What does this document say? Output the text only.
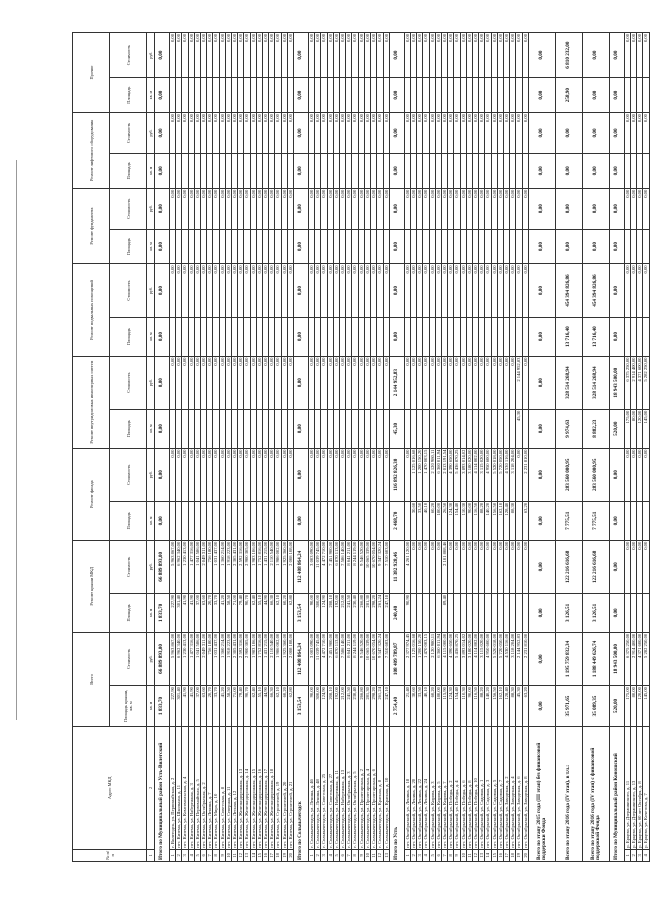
№ п/п	Адрес МКД	Всего		Ремонт крыши МКД		Ремонт фасада		Ремонт внутридомовых инженерных систем		Ремонт подвальных помещений		Ремонт фундамента		Ремонт лифтового оборудования		Прочие	
		Площадь крыши, кв. м	Стоимость	Площадь	Стоимость	Площадь	Стоимость	Площадь	Стоимость	Площадь	Стоимость	Площадь	Стоимость	Площадь	Стоимость	Площадь	Стоимость
1	2	кв. м	руб.	кв. м	руб.	кв. м	руб.	кв. м	руб.	кв. м	руб.	кв. м	руб.	кв. м	руб.	кв. м	руб.
Итого по Муниципальный район Усть-Вилегский		1 833,70	66 889 893,00	1 833,70	66 889 893,00	0,00	0,00	0,00	0,00	0,00	0,00	0,00	0,00	0,00	0,00	0,00	0,00
1	г. Вилегодск, ул. Первомайская, д. 2	227,90	5 963 867,00	227,90	5 963 867,00		0,00		0,00		0,00		0,00		0,00		0,00
2	пгт. Кизема, ул. Школьная, д. 11	301,40	6 962 340,00	301,40	6 962 340,00		0,00		0,00		0,00		0,00		0,00		0,00
3	пгт. Кизема, ул. Комсомольская, д. 4	41,90	1 230 413,00	41,90	1 230 413,00		0,00		0,00		0,00		0,00		0,00		0,00
4	пгт. Кизема, ул. Набережная, д. 3	41,90	1 477 316,00	41,90	1 477 316,00		0,00		0,00		0,00		0,00		0,00		0,00
5	пгт. Кизема, ул. Первомайская, д. 5	37,00	1 041 586,00	37,00	1 041 586,00		0,00		0,00		0,00		0,00		0,00		0,00
6	пгт. Кизема, ул. Октябрьская, д. 2	63,60	2 049 311,00	63,60	2 049 311,00		0,00		0,00		0,00		0,00		0,00		0,00
7	пгт. Кизема, ул. Ленина, д. 7	20,70	756 180,00	20,70	756 180,00		0,00		0,00		0,00		0,00		0,00		0,00
8	пгт. Кизема, ул. Мира, д. 10	33,70	1 031 437,00	33,70	1 031 437,00		0,00		0,00		0,00		0,00		0,00		0,00
9	пгт. Кизема, ул. Советская, д. 8	41,20	1 360 214,00	41,20	1 360 214,00		0,00		0,00		0,00		0,00		0,00		0,00
10	пгт. Кизема, ул. Северная, д. 11	58,50	1 918 223,00	58,50	1 918 223,00		0,00		0,00		0,00		0,00		0,00		0,00
11	пгт. Кизема, ул. Лесная, д. 12	71,00	2 305 431,00	71,00	2 305 431,00		0,00		0,00		0,00		0,00		0,00		0,00
12	пгт. Кизема, ул. Железнодорожная, д. 13	79,40	2 592 316,00	79,40	2 592 316,00		0,00		0,00		0,00		0,00		0,00		0,00
13	пгт. Кизема, ул. Железнодорожная, д. 14	90,70	2 900 305,00	90,70	2 900 305,00		0,00		0,00		0,00		0,00		0,00		0,00
14	пгт. Кизема, ул. Железнодорожная, д. 15	62,40	1 983 106,00	62,40	1 983 106,00		0,00		0,00		0,00		0,00		0,00		0,00
15	пгт. Кизема, ул. Железнодорожная, д. 16	55,10	1 752 816,00	55,10	1 752 816,00		0,00		0,00		0,00		0,00		0,00		0,00
16	пгт. Кизема, ул. Железнодорожная, д. 17	44,90	1 431 215,00	44,90	1 431 215,00		0,00		0,00		0,00		0,00		0,00		0,00
17	пгт. Кизема, ул. Железнодорожная, д. 18	66,30	2 110 540,00	66,30	2 110 540,00		0,00		0,00		0,00		0,00		0,00		0,00
18	пгт. Кизема, ул. Строителей, д. 19	62,10	1 986 002,00	62,10	1 986 002,00		0,00		0,00		0,00		0,00		0,00		0,00
19	пгт. Кизема, ул. Строителей, д. 20	60,20	1 925 360,00	60,20	1 925 360,00		0,00		0,00		0,00		0,00		0,00		0,00
20	пгт. Кизема, ул. Строителей, д. 21	62,80	2 008 108,00	62,80	2 008 108,00		0,00		0,00		0,00		0,00		0,00		0,00
Итого по Сольвычегодск		3 153,54	112 408 864,24	3 153,54	112 408 864,24	0,00	0,00	0,00	0,00	0,00	0,00	0,00	0,00	0,00	0,00	0,00	0,00
1	г. Сольвычегодск, ул. Ленина, д. 46	90,00	3 003 090,00	90,00	3 003 090,00		0,00		0,00		0,00		0,00		0,00		0,00
2	г. Сольвычегодск, ул. Ленина, д. 48	300,00	11 039 745,00	300,00	11 039 745,00		0,00		0,00		0,00		0,00		0,00		0,00
3	г. Сольвычегодск, ул. Советская, д. 25	124,90	4 472 710,00	124,90	4 472 710,00		0,00		0,00		0,00		0,00		0,00		0,00
4	г. Сольвычегодск, ул. Советская, д. 27	208,10	7 451 900,00	208,10	7 451 900,00		0,00		0,00		0,00		0,00		0,00		0,00
5	г. Сольвычегодск, ул. Набережная, д. 11	192,00	6 870 113,00	192,00	6 870 113,00		0,00		0,00		0,00		0,00		0,00		0,00
6	г. Сольвычегодск, ул. Набережная, д. 13	212,00	7 586 140,00	212,00	7 586 140,00		0,00		0,00		0,00		0,00		0,00		0,00
7	г. Сольвычегодск, ул. Октябрьская, д. 3	241,50	8 641 211,00	241,50	8 641 211,00		0,00		0,00		0,00		0,00		0,00		0,00
8	г. Сольвычегодск, ул. Октябрьская, д. 5	230,40	8 244 119,00	230,40	8 244 119,00		0,00		0,00		0,00		0,00		0,00		0,00
9	г. Сольвычегодск, ул. Пролетарская, д. 2	266,80	9 546 520,00	266,80	9 546 520,00		0,00		0,00		0,00		0,00		0,00		0,00
10	г. Сольвычегодск, ул. Пролетарская, д. 4	281,30	10 065 339,00	281,30	10 065 339,00		0,00		0,00		0,00		0,00		0,00		0,00
11	г. Сольвычегодск, ул. Пролетарская, д. 6	298,20	10 670 054,00	298,20	10 670 054,00		0,00		0,00		0,00		0,00		0,00		0,00
12	г. Сольвычегодск, ул. Красная, д. 8	261,24	9 347 320,24	261,24	9 347 320,24		0,00		0,00		0,00		0,00		0,00		0,00
13	г. Сольвычегодск, ул. Красная, д. 10	247,10	7 510 603,00	247,10	7 510 603,00		0,00		0,00		0,00		0,00		0,00		0,00
Итого по Усть		2 754,40	108 409 789,87	240,40	11 382 928,46	2 468,70	116 892 826,30	45,30	2 144 952,83	0,00	0,00	0,00	0,00	0,00	0,00	0,00	0,00
1	пгт. Октябрьский, ул. Ленина, д. 18	21,40	2 377 974,45	90,90	4 261 120,00		0,00		0,00		0,00		0,00		0,00		0,00
2	пгт. Октябрьский, ул. Ленина, д. 20	30,60	1 125 016,68		0,00	30,60	1 125 016,68		0,00		0,00		0,00		0,00		0,00
3	пгт. Октябрьский, ул. Ленина, д. 22	33,50	1 200 150,20		0,00	33,50	1 200 150,20		0,00		0,00		0,00		0,00		0,00
4	пгт. Октябрьский, ул. Ленина, д. 24	40,10	1 470 003,15		0,00	40,10	1 470 003,15		0,00		0,00		0,00		0,00		0,00
5	пгт. Октябрьский, ул. Кирова, д. 3	60,20	2 120 980,11		0,00	60,20	2 120 980,11		0,00		0,00		0,00		0,00		0,00
6	пгт. Октябрьский, ул. Кирова, д. 5	180,00	6 360 011,94		0,00	180,00	6 360 011,94		0,00		0,00		0,00		0,00		0,00
7	пгт. Октябрьский, ул. Кирова, д. 7	115,90	4 115 000,00	89,40	2 101 808,46	26,50	2 013 191,54		0,00		0,00		0,00		0,00		0,00
8	пгт. Октябрьский, ул. Победы, д. 2	124,30	4 390 650,00		0,00	124,30	4 390 650,00		0,00		0,00		0,00		0,00		0,00
9	пгт. Октябрьский, ул. Победы, д. 4	154,40	5 436 870,25		0,00	154,40	5 436 870,25		0,00		0,00		0,00		0,00		0,00
10	пгт. Октябрьский, ул. Победы, д. 6	110,30	3 893 014,02		0,00	110,30	3 893 014,02		0,00		0,00		0,00		0,00		0,00
11	пгт. Октябрьский, ул. Победы, д. 8	90,00	3 180 020,00		0,00	90,00	3 180 020,00		0,00		0,00		0,00		0,00		0,00
12	пгт. Октябрьский, ул. Победы, д. 10	116,50	4 114 802,00		0,00	116,50	4 114 802,00		0,00		0,00		0,00		0,00		0,00
13	пгт. Октябрьский, ул. Садовая, д. 1	88,20	3 115 020,00		0,00	88,20	3 115 020,00		0,00		0,00		0,00		0,00		0,00
14	пгт. Октябрьский, ул. Садовая, д. 3	140,20	4 950 600,00		0,00	140,20	4 950 600,00		0,00		0,00		0,00		0,00		0,00
15	пгт. Октябрьский, ул. Садовая, д. 5	156,50	5 520 018,00		0,00	156,50	5 520 018,00		0,00		0,00		0,00		0,00		0,00
16	пгт. Октябрьский, ул. Садовая, д. 7	162,10	5 720 050,00		0,00	162,10	5 720 050,00		0,00		0,00		0,00		0,00		0,00
17	пгт. Октябрьский, ул. Заводская, д. 2	128,40	4 530 116,00		0,00	128,40	4 530 116,00		0,00		0,00		0,00		0,00		0,00
18	пгт. Октябрьский, ул. Заводская, д. 4	88,30	3 118 204,00		0,00	88,30	3 118 204,00		0,00		0,00		0,00		0,00		0,00
19	пгт. Октябрьский, ул. Заводская, д. 6	45,30	2 144 952,83		0,00		0,00	45,30	2 144 952,83		0,00		0,00		0,00		0,00
20	пгт. Октябрьский, ул. Заводская, д. 8	63,20	2 231 810,00		0,00	63,20	2 231 810,00		0,00		0,00		0,00		0,00		0,00
Всего по этапу 2015 года (III этап) без финансовой поддержки Фонда		0,00	0,00	0,00	0,00	0,00	0,00	0,00	0,00	0,00	0,00	0,00	0,00	0,00	0,00	0,00	0,00
Всего по этапу 2016 года (IV этап), в т.ч.:		35 971,65	1 195 759 832,34	3 126,51	122 216 616,68	7 775,51	283 560 000,95	9 974,63	328 514 268,94	13 716,40	454 394 826,86	0,00	0,00	0,00	0,00	258,90	6 810 232,00
Всего по этапу 2016 года (IV этап) с финансовой поддержкой Фонда		35 089,35	1 188 449 626,74	3 126,51	122 216 616,68	7 775,51	283 560 000,95	8 882,23	328 514 268,94	13 716,40	454 394 826,86	0,00	0,00	0,00	0,00	0,00	0,00
Итого по Муниципальный район Коношский		520,00	18 943 500,00	0,00	0,00	0,00	0,00	520,00	18 943 500,00	0,00	0,00	0,00	0,00	0,00	0,00	0,00	0,00
1	р. Ерцево, ул. Дзержинского, д. 11	175,00	6 375 250,00		0,00		0,00	175,00	6 375 250,00		0,00		0,00		0,00		0,00
2	р. Ерцево, ул. Дзержинского, д. 13	80,00	2 914 400,00		0,00		0,00	80,00	2 914 400,00		0,00		0,00		0,00		0,00
3	р. Ерцево, ул. 60 лет Октября, д. 8	120,00	4 371 600,00		0,00		0,00	120,00	4 371 600,00		0,00		0,00		0,00		0,00
4	р. Ерцево, ул. Кочетова, д. 7	145,00	5 282 250,00		0,00		0,00	145,00	5 282 250,00		0,00		0,00		0,00		0,00
